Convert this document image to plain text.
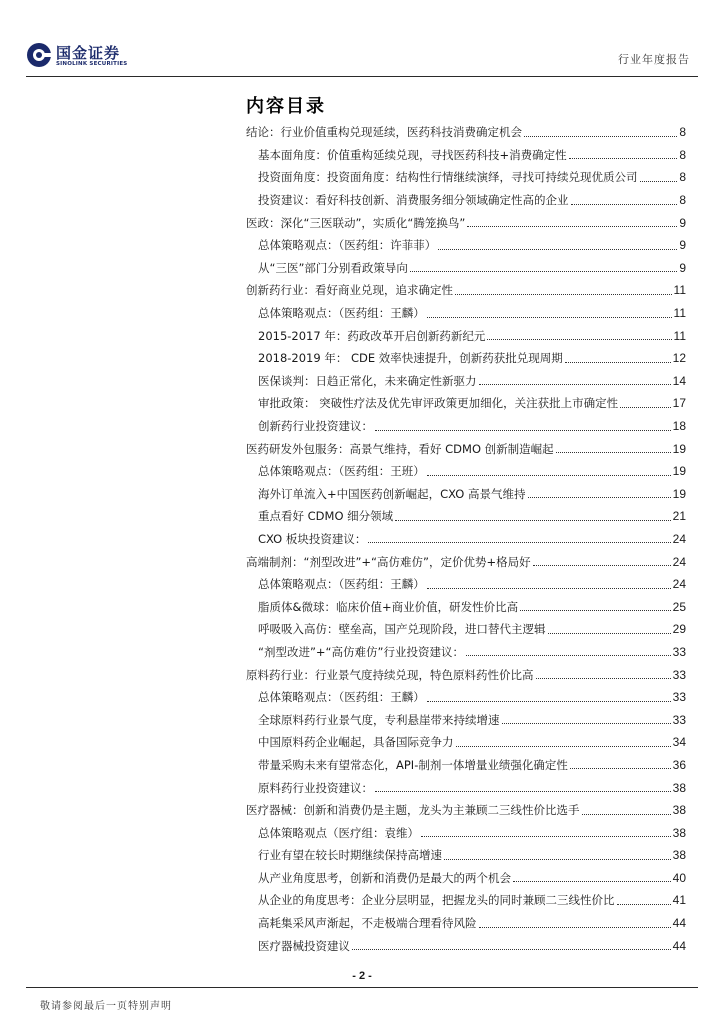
国金证券
SINOLINK SECURITIES	行业年度报告
内容目录
结论：行业价值重构兑现延续，医药科技消费确定机会	8
基本面角度：价值重构延续兑现，寻找医药科技+消费确定性	8
投资面角度：投资面角度：结构性行情继续演绎，寻找可持续兑现优质公司	8
投资建议：看好科技创新、消费服务细分领域确定性高的企业	8
医政：深化“三医联动”，实质化“腾笼换鸟”	9
总体策略观点：（医药组：许菲菲）	9
从“三医”部门分别看政策导向	9
创新药行业：看好商业兑现，追求确定性	11
总体策略观点：（医药组：王麟）	11
2015-2017 年：药政改革开启创新药新纪元	11
2018-2019 年： CDE 效率快速提升，创新药获批兑现周期	12
医保谈判：日趋正常化，未来确定性新驱力	14
审批政策： 突破性疗法及优先审评政策更加细化，关注获批上市确定性	17
创新药行业投资建议：	18
医药研发外包服务：高景气维持，看好 CDMO 创新制造崛起	19
总体策略观点：（医药组：王班）	19
海外订单流入+中国医药创新崛起，CXO 高景气维持	19
重点看好 CDMO 细分领域	21
CXO 板块投资建议：	24
高端制剂：“剂型改进”+“高仿难仿”，定价优势+格局好	24
总体策略观点：（医药组：王麟）	24
脂质体&微球：临床价值+商业价值，研发性价比高	25
呼吸吸入高仿：壁垒高，国产兑现阶段，进口替代主逻辑	29
“剂型改进”+“高仿难仿”行业投资建议：	33
原料药行业：行业景气度持续兑现，特色原料药性价比高	33
总体策略观点：（医药组：王麟）	33
全球原料药行业景气度，专利悬崖带来持续增速	33
中国原料药企业崛起，具备国际竞争力	34
带量采购未来有望常态化，API-制剂一体增量业绩强化确定性	36
原料药行业投资建议：	38
医疗器械：创新和消费仍是主题，龙头为主兼顾二三线性价比选手	38
总体策略观点（医疗组：袁维）	38
行业有望在较长时期继续保持高增速	38
从产业角度思考，创新和消费仍是最大的两个机会	40
从企业的角度思考：企业分层明显，把握龙头的同时兼顾二三线性价比	41
高耗集采风声渐起，不走极端合理看待风险	44
医疗器械投资建议	44
- 2 -
敬请参阅最后一页特别声明
